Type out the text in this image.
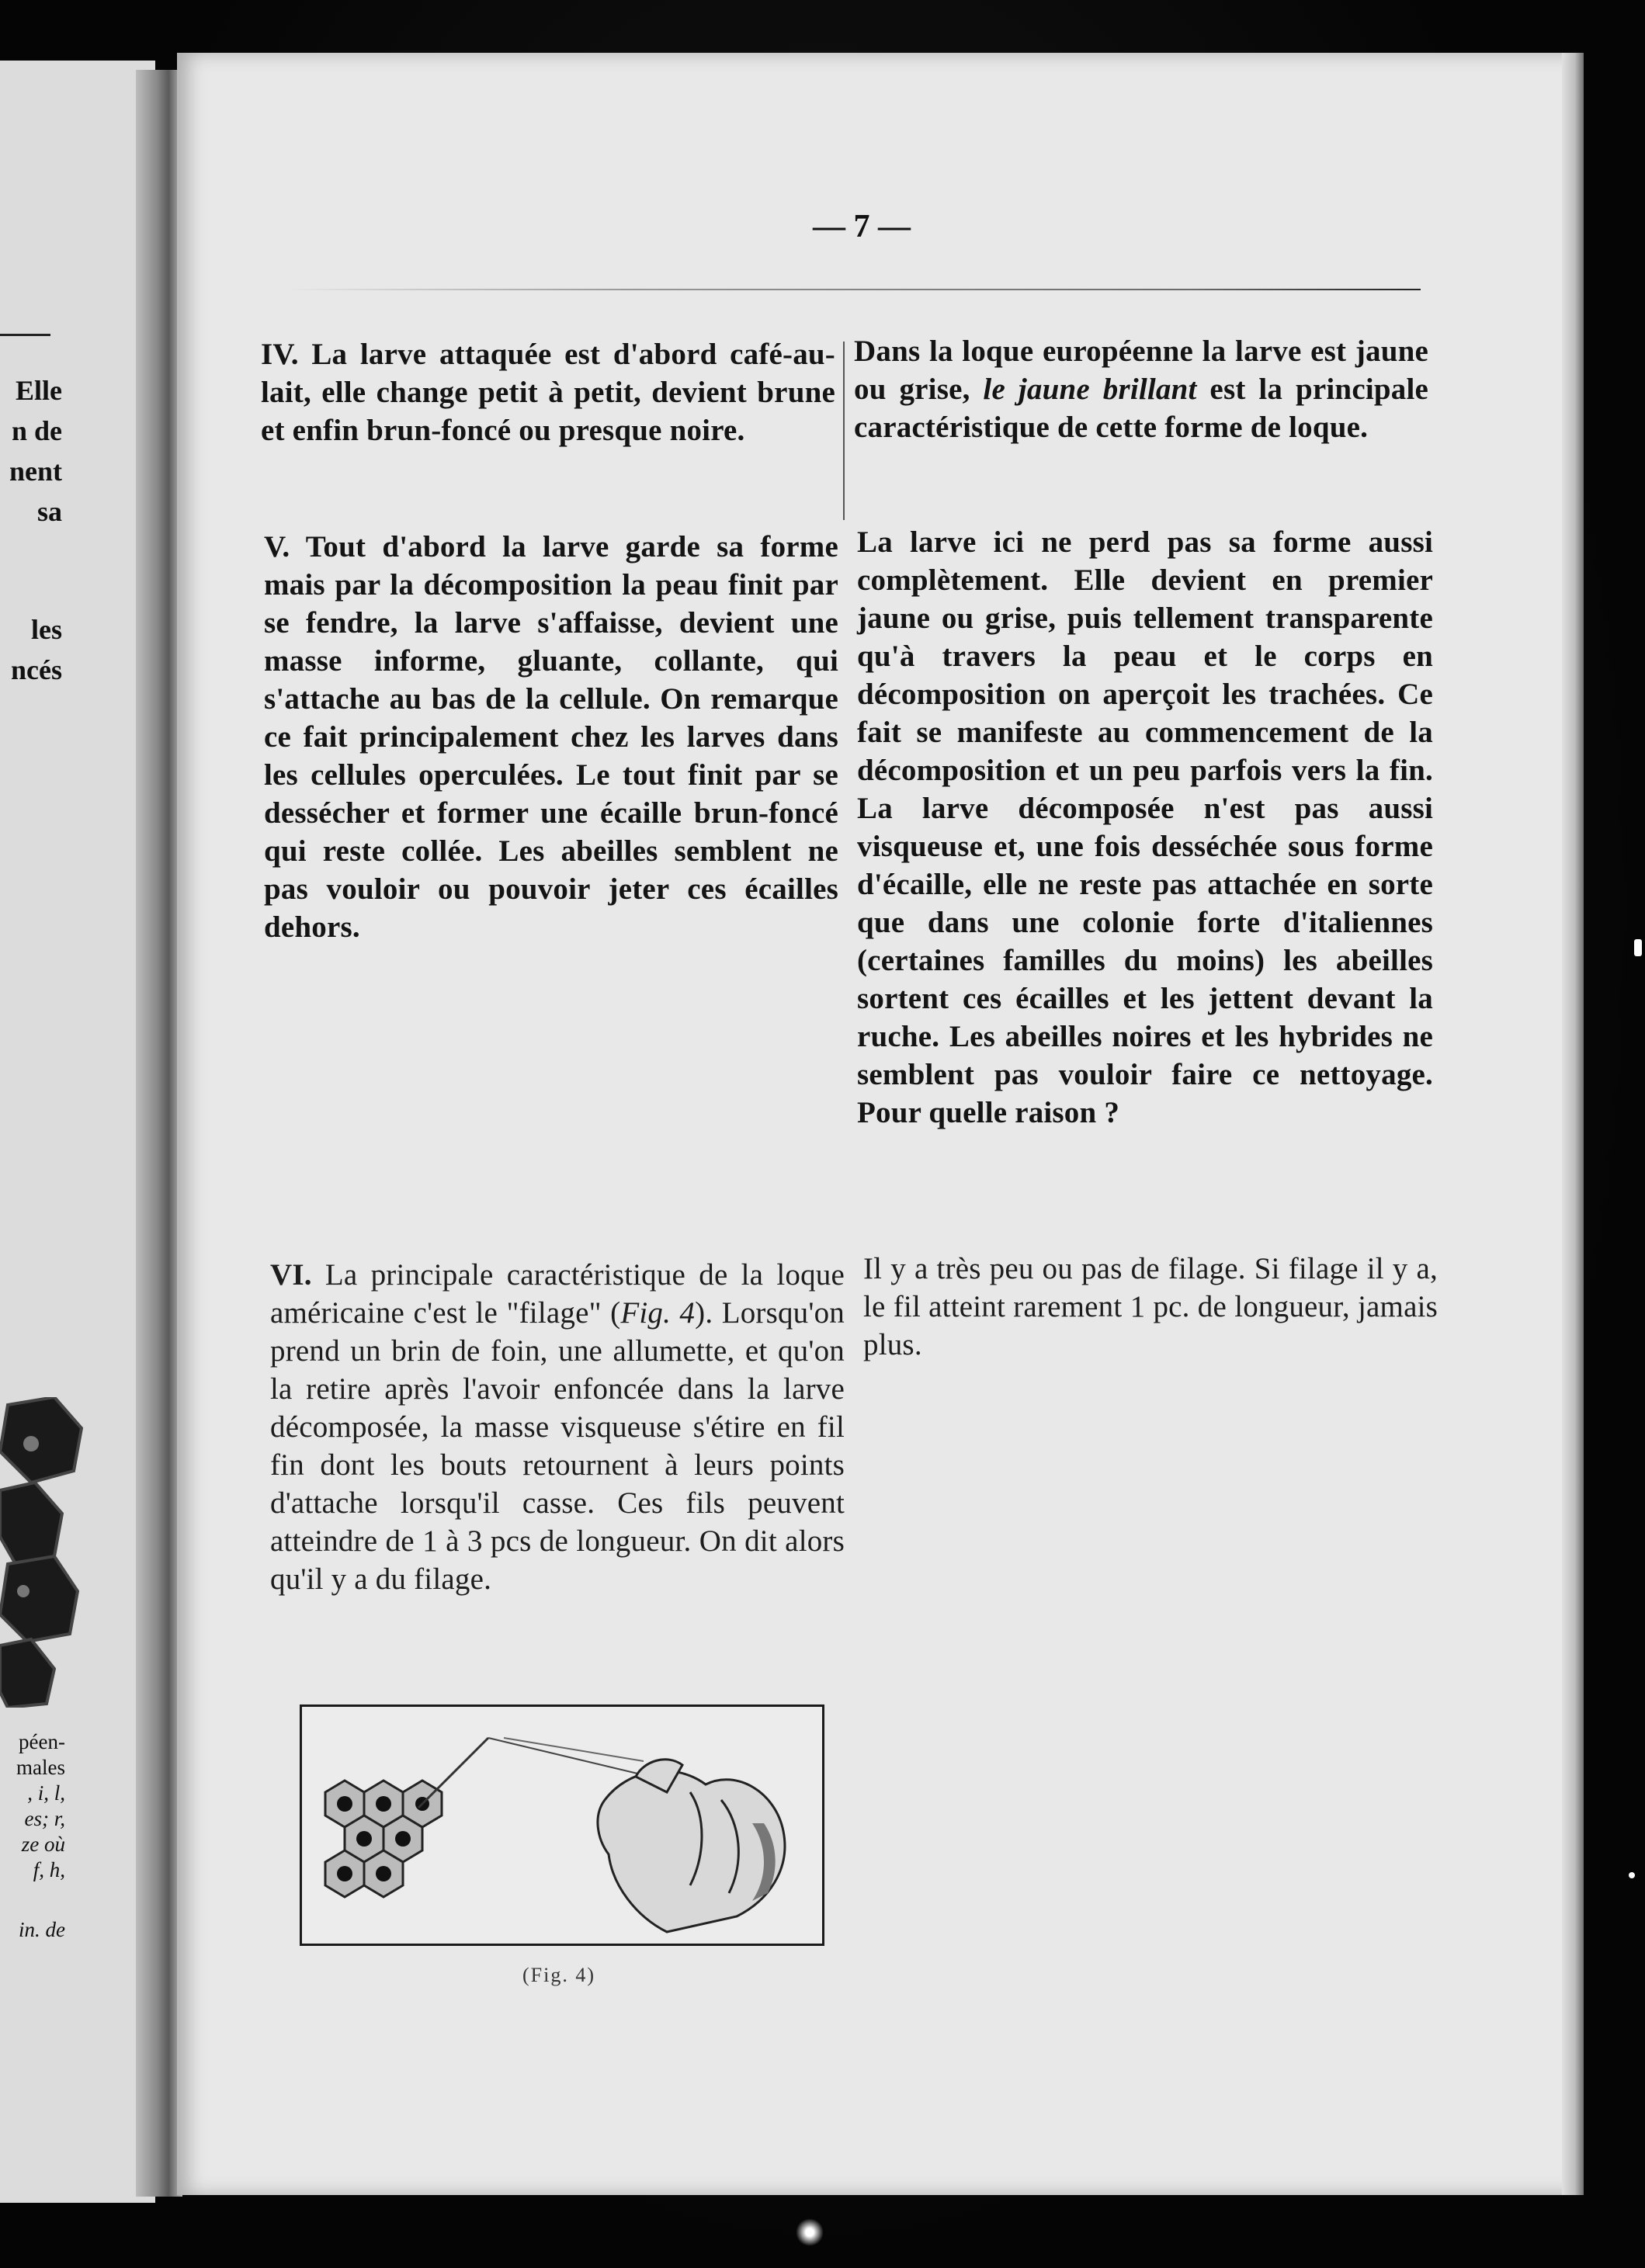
Elle
n de
nent
sa
les
ncés
péen-
males
, i, l,
es; r,
ze où
f, h,
in. de
— 7 —

IV. La larve attaquée est d'abord café-au-lait, elle change petit à petit, devient brune et enfin brun-foncé ou presque noire.

V. Tout d'abord la larve garde sa forme mais par la décomposition la peau finit par se fendre, la larve s'affaisse, devient une masse informe, gluante, collante, qui s'attache au bas de la cellule. On remarque ce fait principalement chez les larves dans les cellules operculées. Le tout finit par se dessécher et former une écaille brun-foncé qui reste collée. Les abeilles semblent ne pas vouloir ou pouvoir jeter ces écailles dehors.

VI. La principale caractéristique de la loque américaine c'est le "filage" (Fig. 4). Lorsqu'on prend un brin de foin, une allumette, et qu'on la retire après l'avoir enfoncée dans la larve décomposée, la masse visqueuse s'étire en fil fin dont les bouts retournent à leurs points d'attache lorsqu'il casse. Ces fils peuvent atteindre de 1 à 3 pcs de longueur. On dit alors qu'il y a du filage.

(Fig. 4)

Dans la loque européenne la larve est jaune ou grise, le jaune brillant est la principale caractéristique de cette forme de loque.

La larve ici ne perd pas sa forme aussi complètement. Elle devient en premier jaune ou grise, puis tellement transparente qu'à travers la peau et le corps en décomposition on aperçoit les trachées. Ce fait se manifeste au commencement de la décomposition et un peu parfois vers la fin. La larve décomposée n'est pas aussi visqueuse et, une fois desséchée sous forme d'écaille, elle ne reste pas attachée en sorte que dans une colonie forte d'italiennes (certaines familles du moins) les abeilles sortent ces écailles et les jettent devant la ruche. Les abeilles noires et les hybrides ne semblent pas vouloir faire ce nettoyage. Pour quelle raison ?

Il y a très peu ou pas de filage. Si filage il y a, le fil atteint rarement 1 pc. de longueur, jamais plus.
